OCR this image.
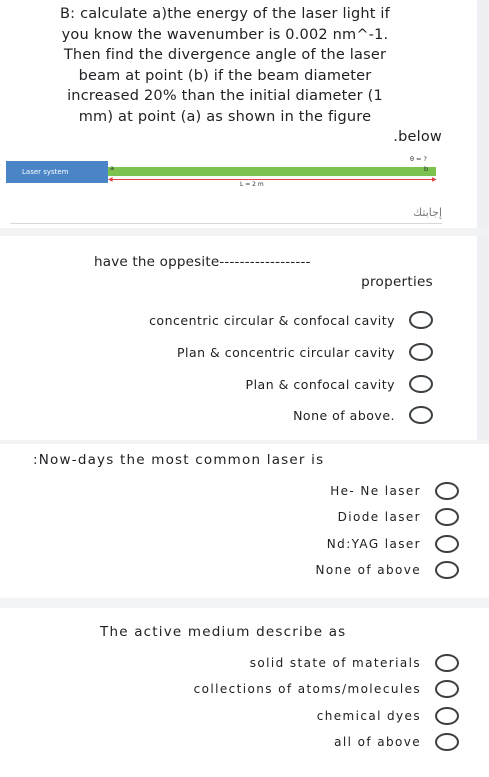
B: calculate a)the energy of the laser light if
you know the wavenumber is 0.002 nm^-1.
Then find the divergence angle of the laser
beam at point (b) if the beam diameter
increased 20% than the initial diameter (1
mm) at point (a) as shown in the figure
.below
Laser system	a	b
θ = ?
◀	▶
L = 2 m
إجابتك
have the oppesite------------------
properties
concentric circular & confocal cavity
Plan & concentric circular cavity
Plan & confocal cavity
None of above.
:Now-days the most common laser is
He- Ne laser
Diode laser
Nd:YAG laser
None of above
The active medium describe as
solid state of materials
collections of atoms/molecules
chemical dyes
all of above
